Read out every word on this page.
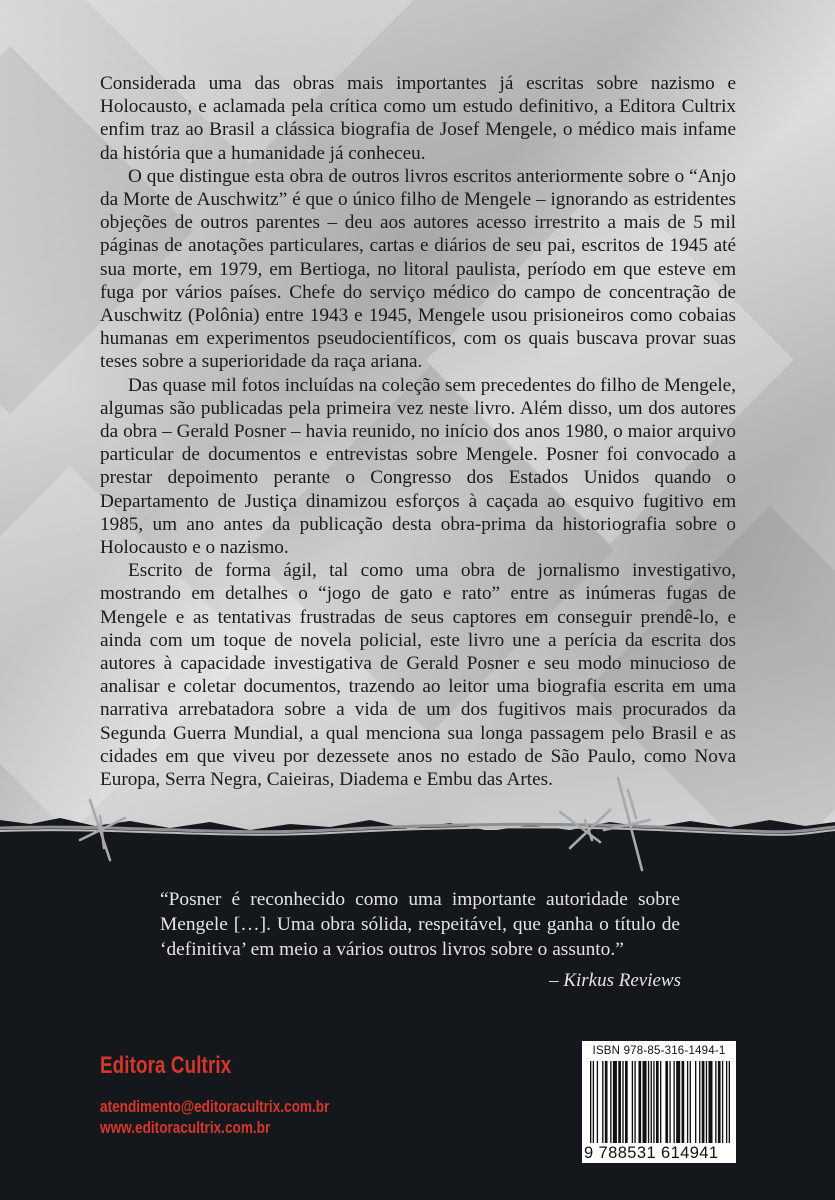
Considerada uma das obras mais importantes já escritas sobre nazismo e Holocausto, e aclamada pela crítica como um estudo definitivo, a Editora Cultrix enfim traz ao Brasil a clássica biografia de Josef Mengele, o médico mais infame da história que a humanidade já conheceu.

O que distingue esta obra de outros livros escritos anteriormente sobre o “Anjo da Morte de Auschwitz” é que o único filho de Mengele – ignorando as estridentes objeções de outros parentes – deu aos autores acesso irrestrito a mais de 5 mil páginas de anotações particulares, cartas e diários de seu pai, escritos de 1945 até sua morte, em 1979, em Bertioga, no litoral paulista, período em que esteve em fuga por vários países. Chefe do serviço médico do campo de concentração de Auschwitz (Polônia) entre 1943 e 1945, Mengele usou prisioneiros como cobaias humanas em experimentos pseudocientíficos, com os quais buscava provar suas teses sobre a superioridade da raça ariana.

Das quase mil fotos incluídas na coleção sem precedentes do filho de Mengele, algumas são publicadas pela primeira vez neste livro. Além disso, um dos autores da obra – Gerald Posner – havia reunido, no início dos anos 1980, o maior arquivo particular de documentos e entrevistas sobre Mengele. Posner foi convocado a prestar depoimento perante o Congresso dos Estados Unidos quando o Departamento de Justiça dinamizou esforços à caçada ao esquivo fugitivo em 1985, um ano antes da publicação desta obra-prima da historiografia sobre o Holocausto e o nazismo.

Escrito de forma ágil, tal como uma obra de jornalismo investigativo, mostrando em detalhes o “jogo de gato e rato” entre as inúmeras fugas de Mengele e as tentativas frustradas de seus captores em conseguir prendê-lo, e ainda com um toque de novela policial, este livro une a perícia da escrita dos autores à capacidade investigativa de Gerald Posner e seu modo minucioso de analisar e coletar documentos, trazendo ao leitor uma biografia escrita em uma narrativa arrebatadora sobre a vida de um dos fugitivos mais procurados da Segunda Guerra Mundial, a qual menciona sua longa passagem pelo Brasil e as cidades em que viveu por dezessete anos no estado de São Paulo, como Nova Europa, Serra Negra, Caieiras, Diadema e Embu das Artes.

“Posner é reconhecido como uma importante autoridade sobre Mengele […]. Uma obra sólida, respeitável, que ganha o título de ‘definitiva’ em meio a vários outros livros sobre o assunto.”

– Kirkus Reviews
Editora Cultrix
atendimento@editoracultrix.com.br
www.editoracultrix.com.br
ISBN 978-85-316-1494-1
9 788531 614941
